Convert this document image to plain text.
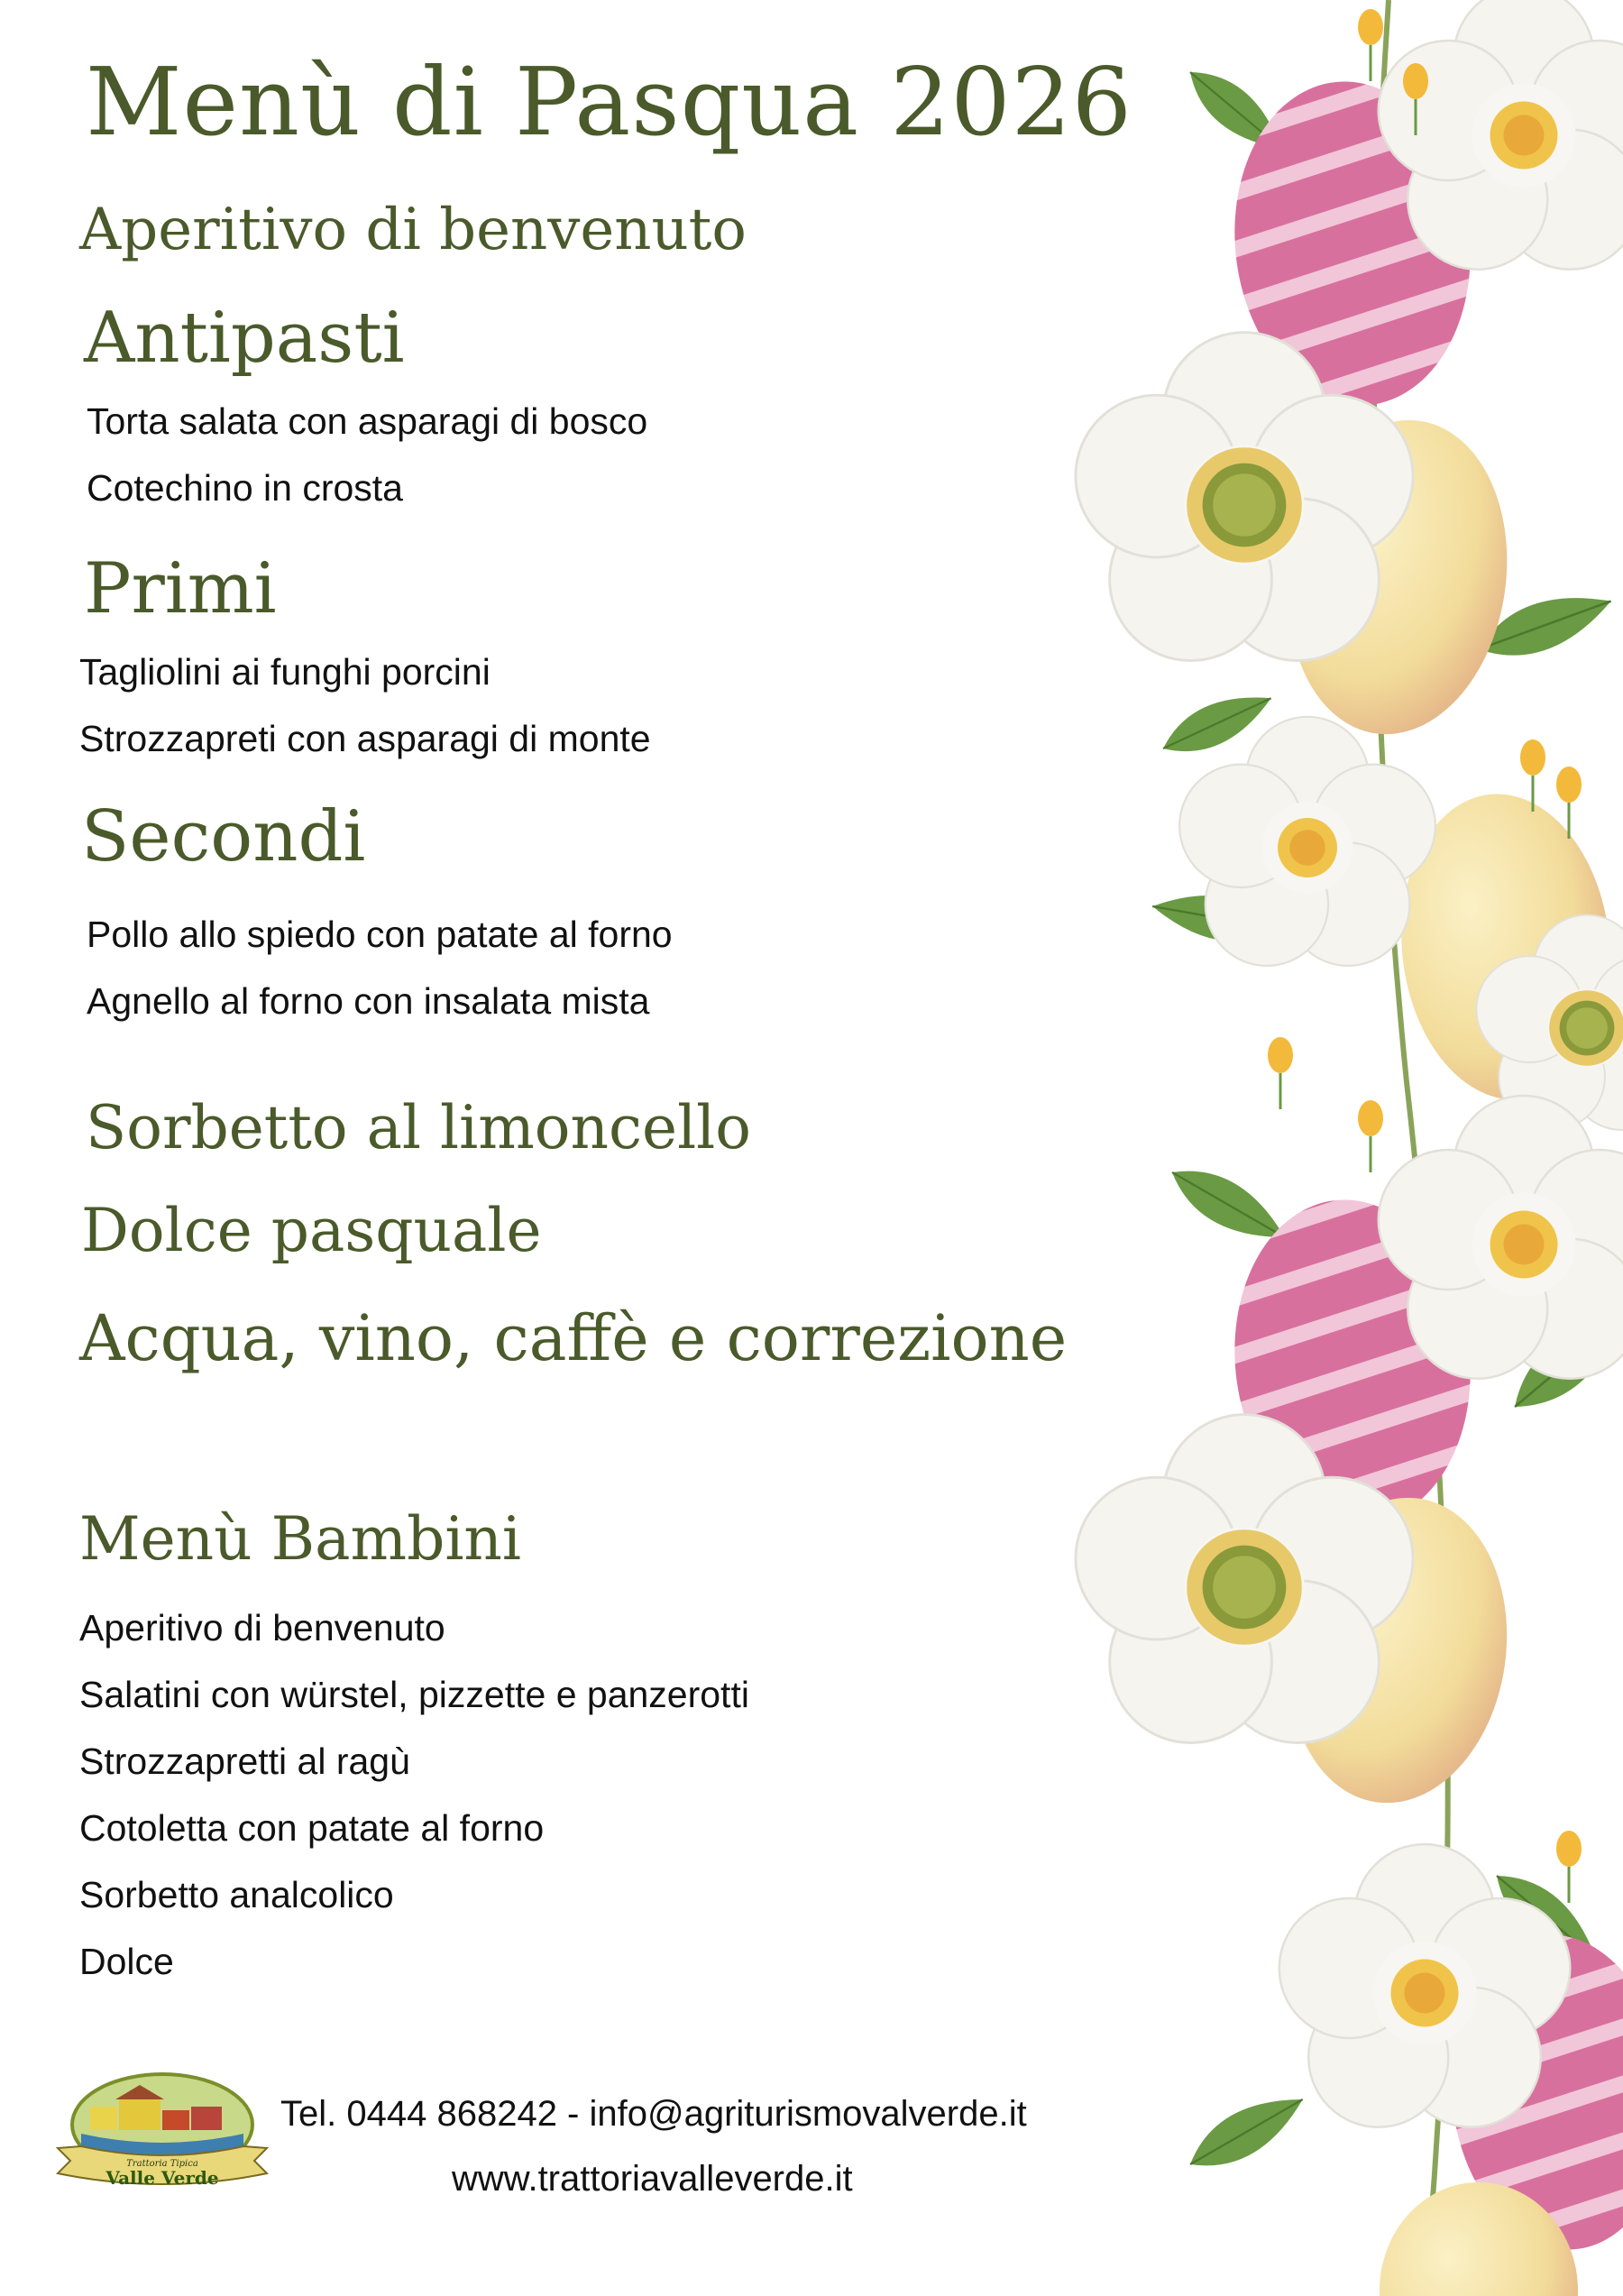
Menù di Pasqua 2026
Aperitivo di benvenuto
Antipasti
Torta salata con asparagi di bosco
Cotechino in crosta
Primi
Tagliolini ai funghi porcini
Strozzapreti con asparagi di monte
Secondi
Pollo allo spiedo con patate al forno
Agnello al forno con insalata mista
Sorbetto al limoncello
Dolce pasquale
Acqua, vino, caffè e correzione
Menù Bambini
Aperitivo di benvenuto
Salatini con würstel, pizzette e panzerotti
Strozzapretti al ragù
Cotoletta con patate al forno
Sorbetto analcolico
Dolce
Trattoria Tipica
Valle Verde
Tel. 0444 868242 - info@agriturismovalverde.it
www.trattoriavalleverde.it
